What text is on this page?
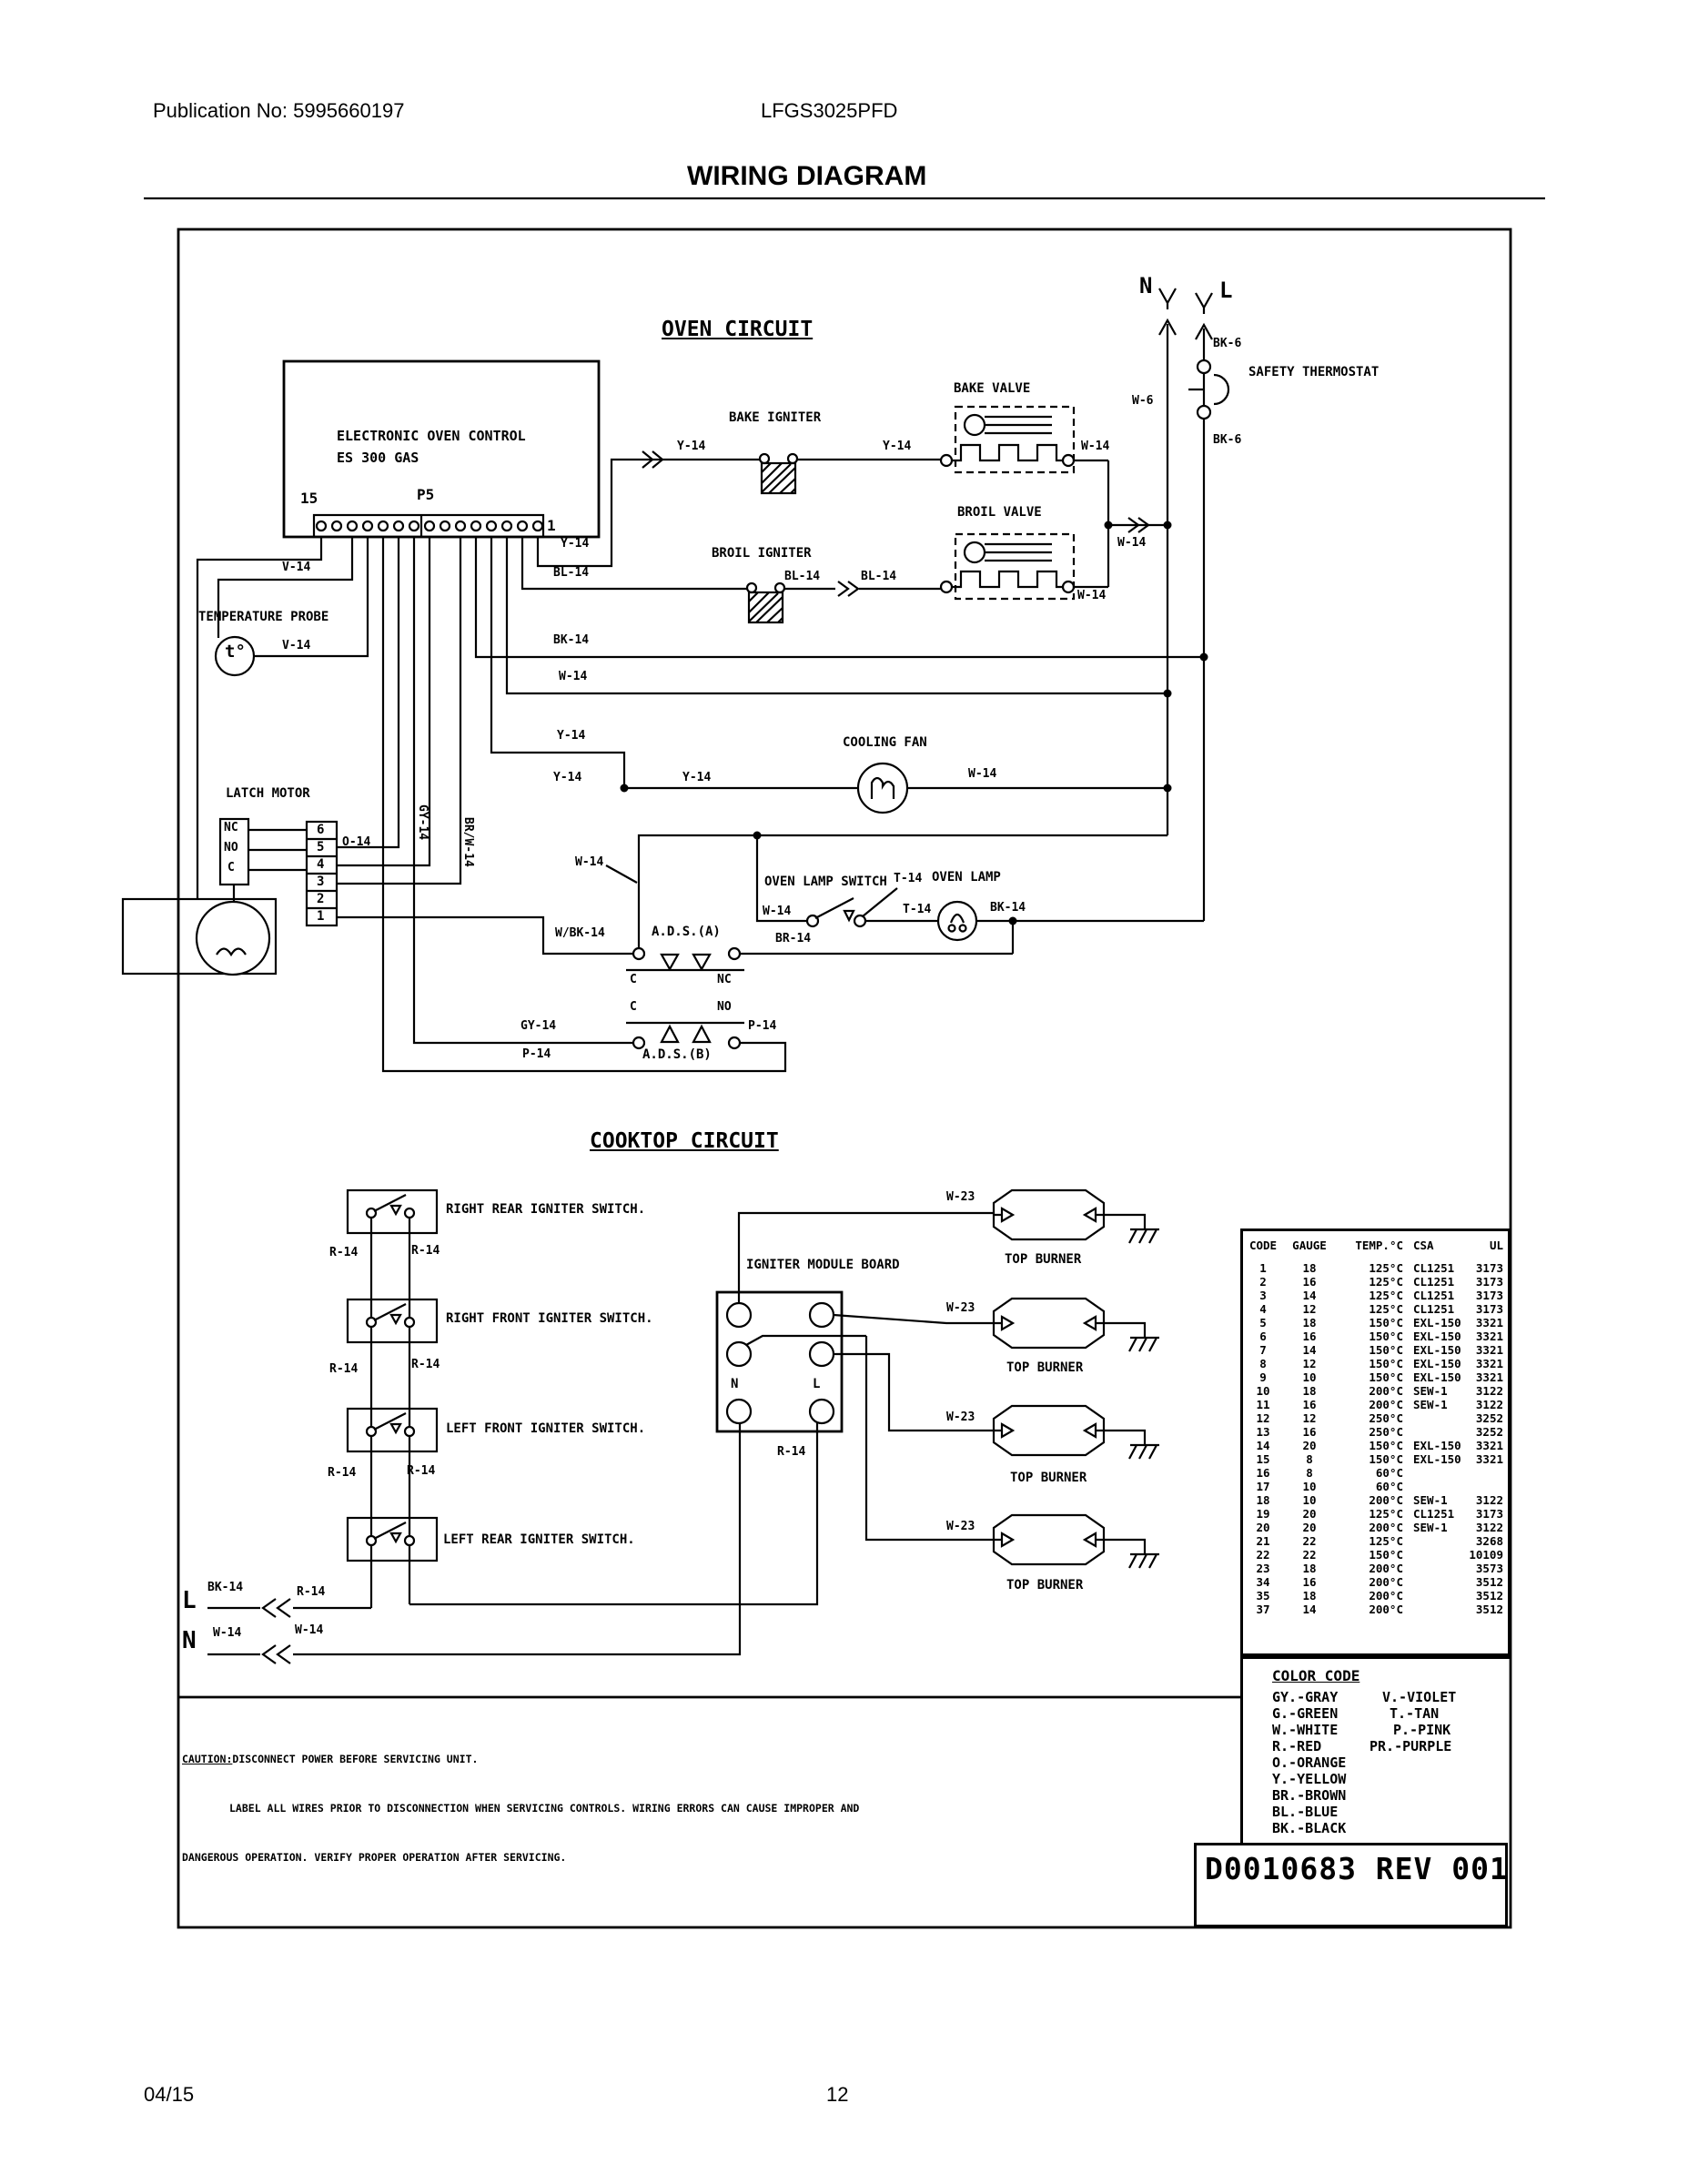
Publication No: 5995660197	LFGS3025PFD
WIRING DIAGRAM
OVEN CIRCUIT
COOKTOP CIRCUIT
ELECTRONIC OVEN CONTROL
ES 300 GAS
15	P5
1
N	L
BK-6
SAFETY THERMOSTAT
W-6
BK-6
BAKE IGNITER
BAKE VALVE
Y-14	Y-14	W-14
BROIL VALVE
W-14
BROIL IGNITER
BL-14	BL-14
W-14
Y-14
BL-14
BK-14
W-14
Y-14
Y-14	Y-14
COOLING FAN
W-14
V-14
TEMPERATURE PROBE
V-14
t°
LATCH MOTOR
NC
NO
C
6
5
4
3
2
1
O-14
GY-14	BR/W-14	W-14
OVEN LAMP SWITCH T-14 OVEN LAMP
W-14	T-14	BK-14
W/BK-14	A.D.S.(A)	BR-14
C	NC
C	NO
GY-14	P-14
P-14	A.D.S.(B)
RIGHT REAR IGNITER SWITCH.
R-14	R-14
RIGHT FRONT IGNITER SWITCH.
R-14	R-14
LEFT FRONT IGNITER SWITCH.
R-14	R-14
LEFT REAR IGNITER SWITCH.
IGNITER MODULE BOARD
N	L
R-14
W-23
TOP BURNER
W-23
TOP BURNER
W-23
TOP BURNER
W-23
TOP BURNER
L BK-14	R-14
N W-14	W-14
CODE	GAUGE	TEMP.°C CSA	UL
1	18	125°C CL1251	3173
2	16	125°C CL1251	3173
3	14	125°C CL1251	3173
4	12	125°C CL1251	3173
5	18	150°C EXL-150	3321
6	16	150°C EXL-150	3321
7	14	150°C EXL-150	3321
8	12	150°C EXL-150	3321
9	10	150°C EXL-150	3321
10	18	200°C SEW-1	3122
11	16	200°C SEW-1	3122
12	12	250°C	3252
13	16	250°C	3252
14	20	150°C EXL-150	3321
15	8	150°C EXL-150	3321
16	8	60°C
17	10	60°C
18	10	200°C SEW-1	3122
19	20	125°C CL1251	3173
20	20	200°C SEW-1	3122
21	22	125°C	3268
22	22	150°C	10109
23	18	200°C	3573
34	16	200°C	3512
35	18	200°C	3512
37	14	200°C	3512
COLOR CODE
GY.-GRAY
G.-GREEN
W.-WHITE
R.-RED
O.-ORANGE
Y.-YELLOW
BR.-BROWN
BL.-BLUE
BK.-BLACK
V.-VIOLET
T.-TAN
P.-PINK
PR.-PURPLE
D0010683 REV 001

CAUTION:DISCONNECT POWER BEFORE SERVICING UNIT.

LABEL ALL WIRES PRIOR TO DISCONNECTION WHEN SERVICING CONTROLS. WIRING ERRORS CAN CAUSE IMPROPER AND

DANGEROUS OPERATION. VERIFY PROPER OPERATION AFTER SERVICING.

04/15	12
